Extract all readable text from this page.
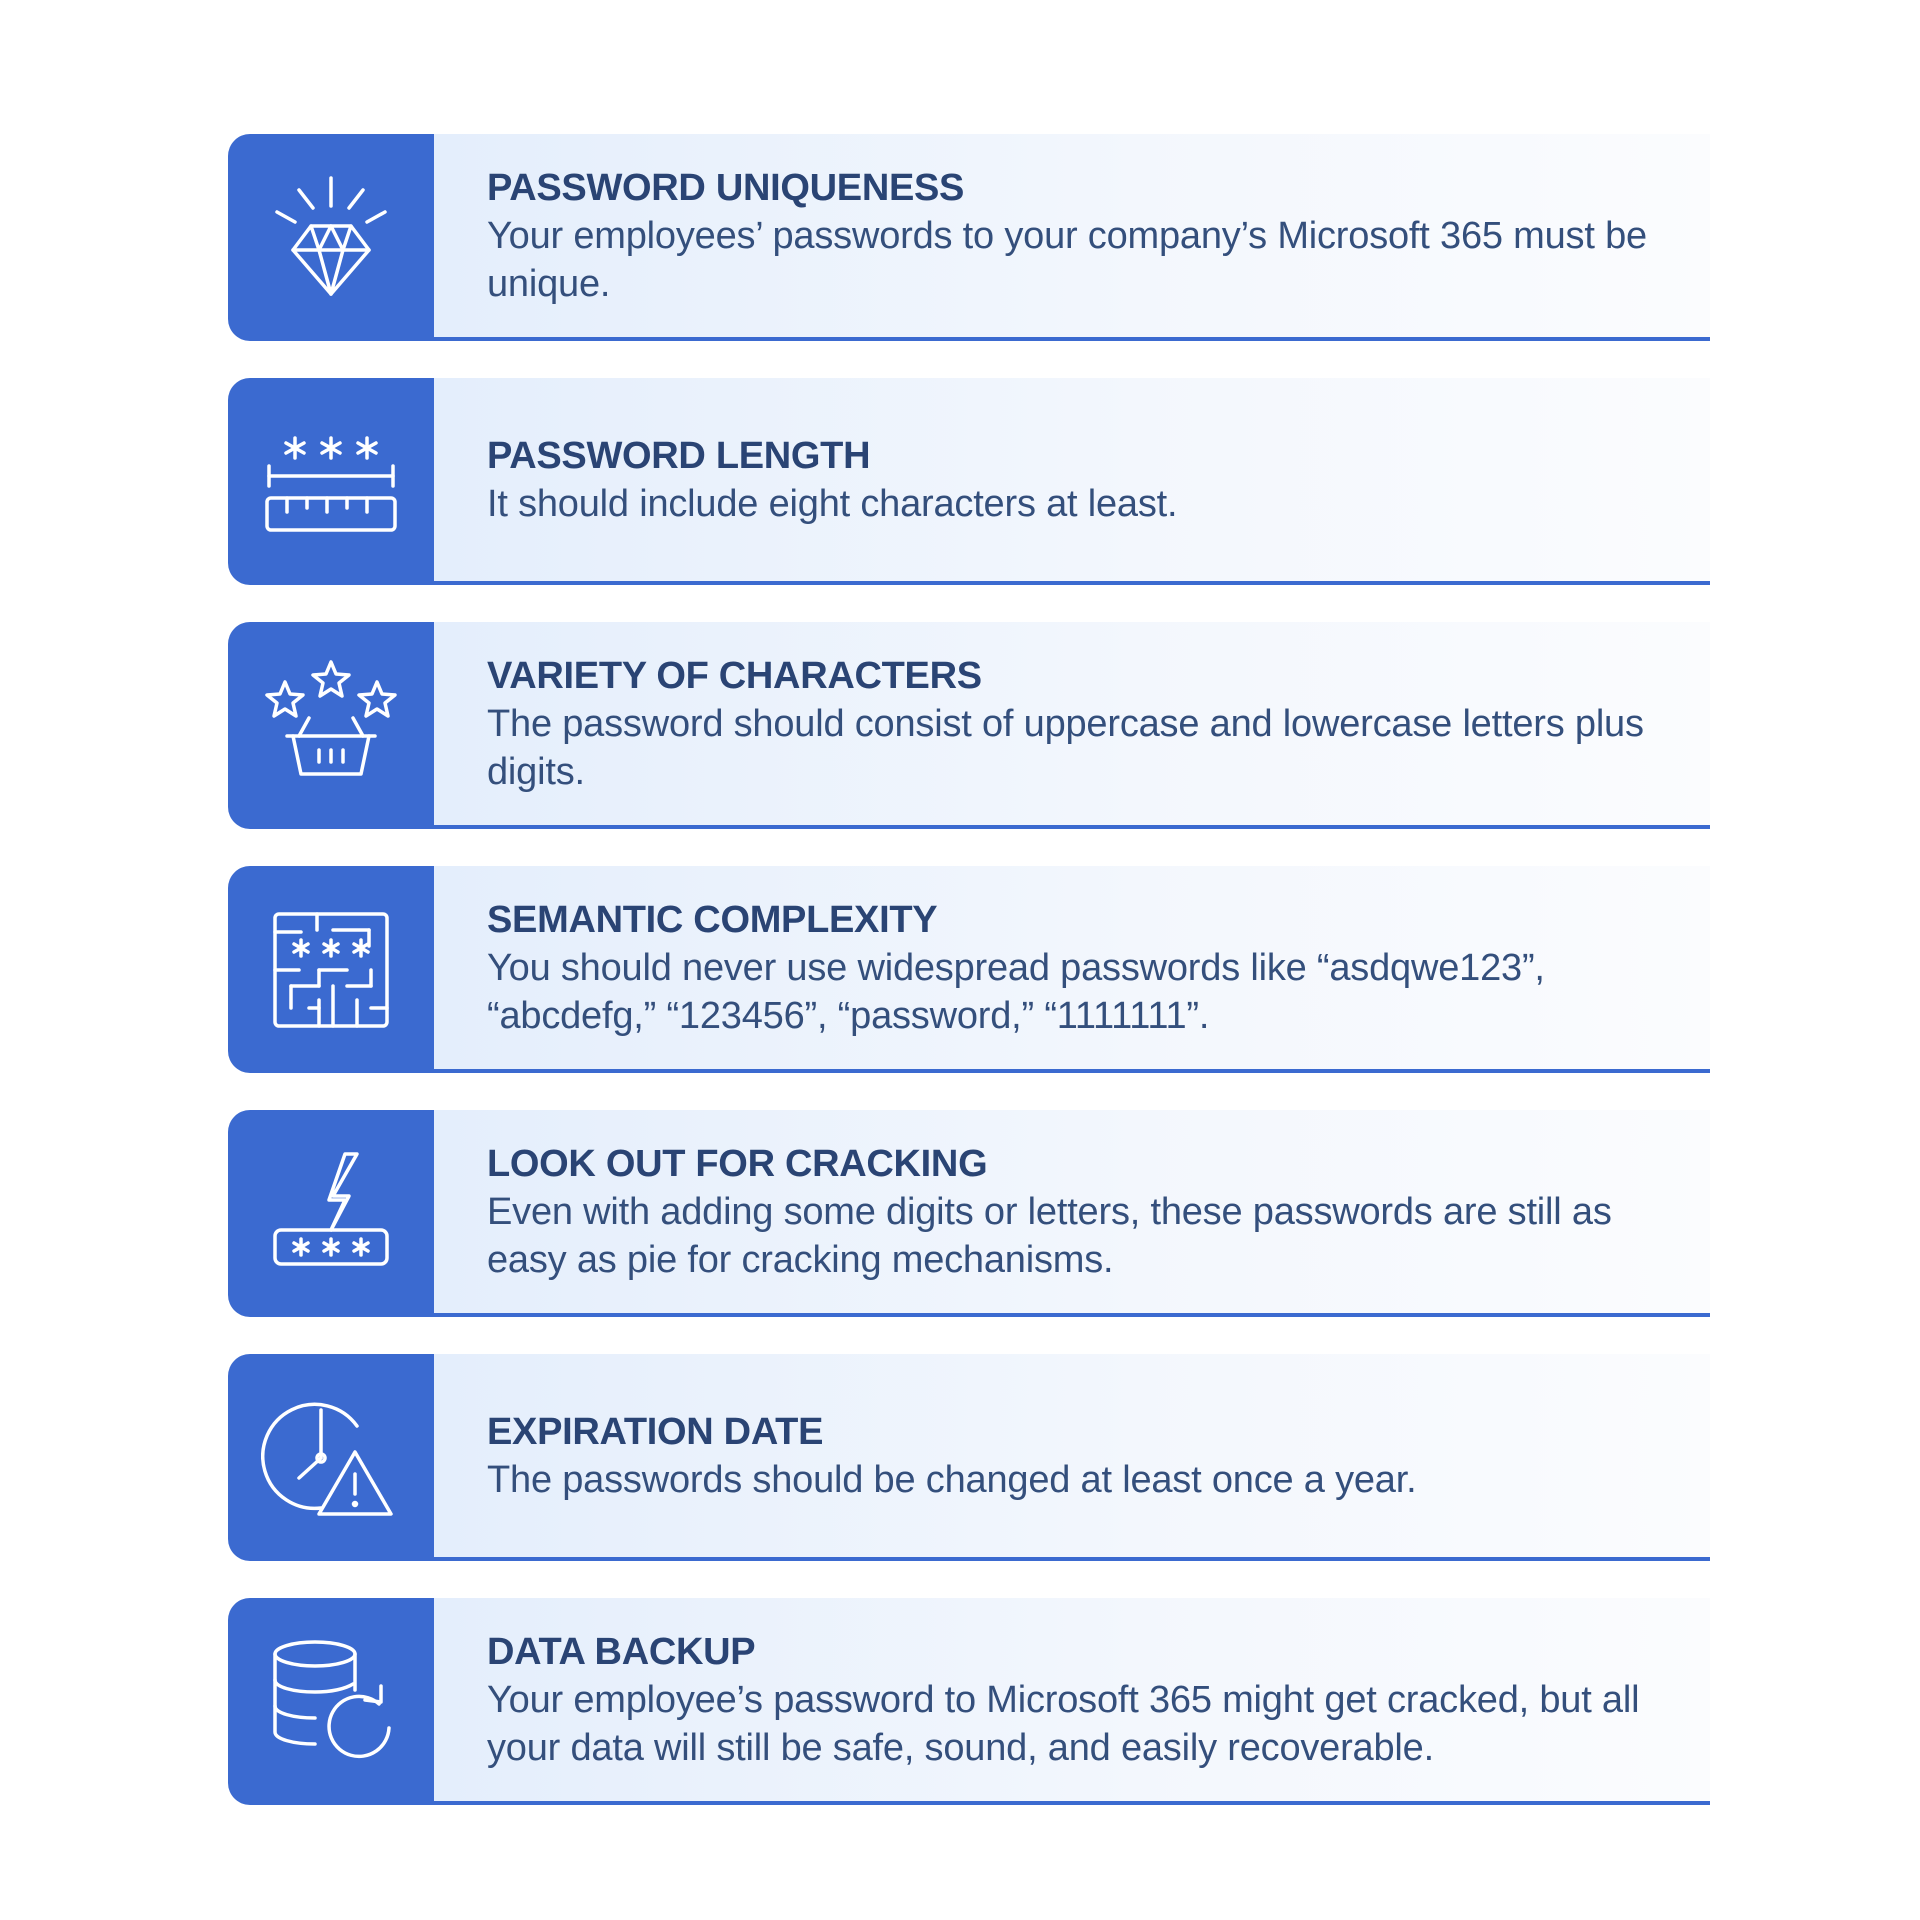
PASSWORD UNIQUENESS
Your employees’ passwords to your company’s Microsoft 365 must be unique.
PASSWORD LENGTH
It should include eight characters at least.
VARIETY OF CHARACTERS
The password should consist of uppercase and lowercase letters plus digits.
SEMANTIC COMPLEXITY
You should never use widespread passwords like “asdqwe123”, “abcdefg,” “123456”, “password,” “1111111”.
LOOK OUT FOR CRACKING
Even with adding some digits or letters, these passwords are still as easy as pie for cracking mechanisms.
EXPIRATION DATE
The passwords should be changed at least once a year.
DATA BACKUP
Your employee’s password to Microsoft 365 might get cracked, but all your data will still be safe, sound, and easily recoverable.
